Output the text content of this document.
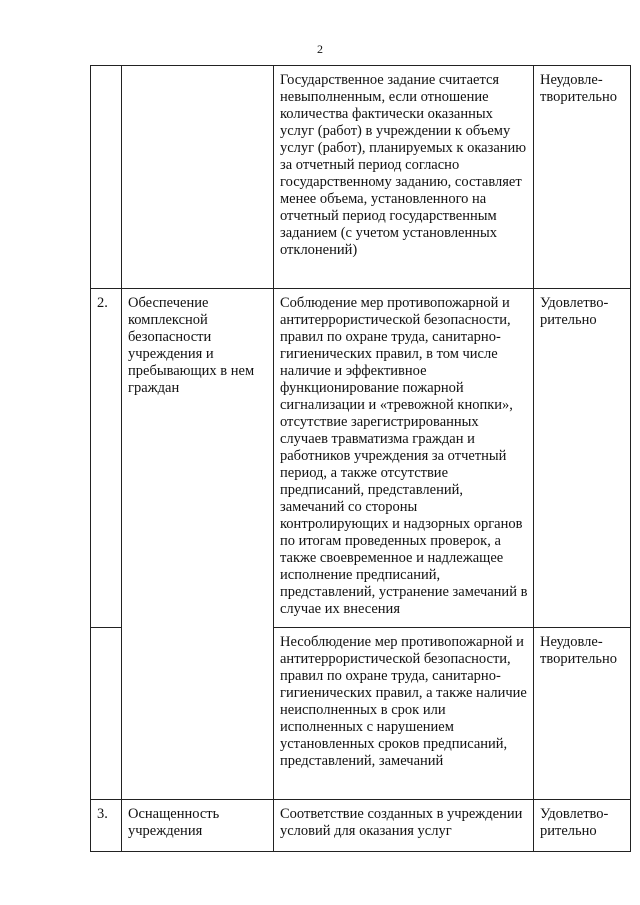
2
		Государственное задание считается невыполненным, если отношение количества фактически оказанных услуг (работ) в учреждении к объему услуг (работ), планируемых к оказанию за отчетный период согласно государственному заданию, составляет менее объема, установленного на отчетный период государственным заданием (с учетом установленных отклонений)	Неудовле-творительно
2.	Обеспечение комплексной безопасности учреждения и пребывающих в нем граждан	Соблюдение мер противопожарной и антитеррористической безопасности, правил по охране труда, санитарно-гигиенических правил, в том числе наличие и эффективное функционирование пожарной сигнализации и «тревожной кнопки», отсутствие зарегистрированных случаев травматизма граждан и работников учреждения за отчетный период, а также отсутствие предписаний, представлений, замечаний со стороны контролирующих и надзорных органов по итогам проведенных проверок, а также своевременное и надлежащее исполнение предписаний, представлений, устранение замечаний в случае их внесения	Удовлетво-рительно
		Несоблюдение мер противопожарной и антитеррористической безопасности, правил по охране труда, санитарно-гигиенических правил, а также наличие неисполненных в срок или исполненных с нарушением установленных сроков предписаний, представлений, замечаний	Неудовле-творительно
3.	Оснащенность учреждения	Соответствие созданных в учреждении условий для оказания услуг	Удовлетво-рительно
